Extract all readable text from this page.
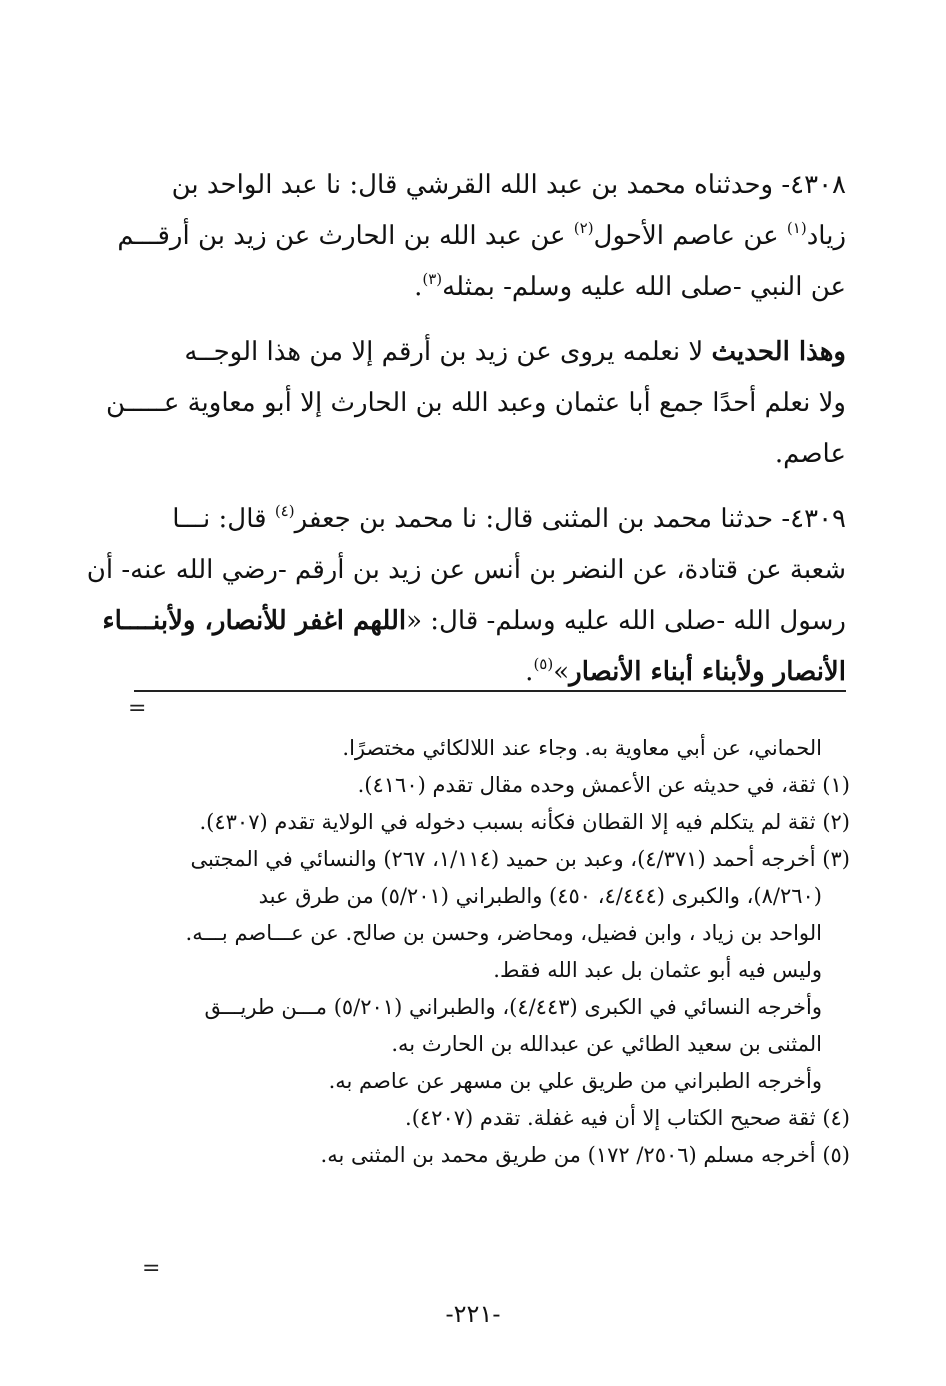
٤٣٠٨- وحدثناه محمد بن عبد الله القرشي قال: نا عبد الواحد بن
زياد$^{(١)}$ عن عاصم الأحول$^{(٢)}$ عن عبد الله بن الحارث عن زيد بن أرقـــم
عن النبي -صلى الله عليه وسلم- بمثله$^{(٣)}$.
وهذا الحديث لا نعلمه يروى عن زيد بن أرقم إلا من هذا الوجــه
ولا نعلم أحدًا جمع أبا عثمان وعبد الله بن الحارث إلا أبو معاوية عـــــن
عاصم.
٤٣٠٩- حدثنا محمد بن المثنى قال: نا محمد بن جعفر$^{(٤)}$ قال: نـــا
شعبة عن قتادة، عن النضر بن أنس عن زيد بن أرقم -رضي الله عنه- أن
رسول الله -صلى الله عليه وسلم- قال: «اللهم اغفر للأنصار، ولأبنــــاء
الأنصار ولأبناء أبناء الأنصار»$^{(٥)}$.
=
الحماني، عن أبي معاوية به. وجاء عند اللالكائي مختصرًا.
(١) ثقة، في حديثه عن الأعمش وحده مقال تقدم (٤١٦٠).
(٢) ثقة لم يتكلم فيه إلا القطان فكأنه بسبب دخوله في الولاية تقدم (٤٣٠٧).
(٣) أخرجه أحمد (٤/٣٧١)، وعبد بن حميد (١/١١٤، ٢٦٧) والنسائي في المجتبى
(٨/٢٦٠)، والكبرى (٤/٤٤٤، ٤٥٠) والطبراني (٥/٢٠١) من طرق عبد
الواحد بن زياد ، وابن فضيل، ومحاضر، وحسن بن صالح. عن عـــاصم بـــه.
وليس فيه أبو عثمان بل عبد الله فقط.
وأخرجه النسائي في الكبرى (٤/٤٤٣)، والطبراني (٥/٢٠١) مـــن طريـــق
المثنى بن سعيد الطائي عن عبدالله بن الحارث به.
وأخرجه الطبراني من طريق علي بن مسهر عن عاصم به.
(٤) ثقة صحيح الكتاب إلا أن فيه غفلة. تقدم (٤٢٠٧).
(٥) أخرجه مسلم (٢٥٠٦/ ١٧٢) من طريق محمد بن المثنى به.
=
-٢٢١-
